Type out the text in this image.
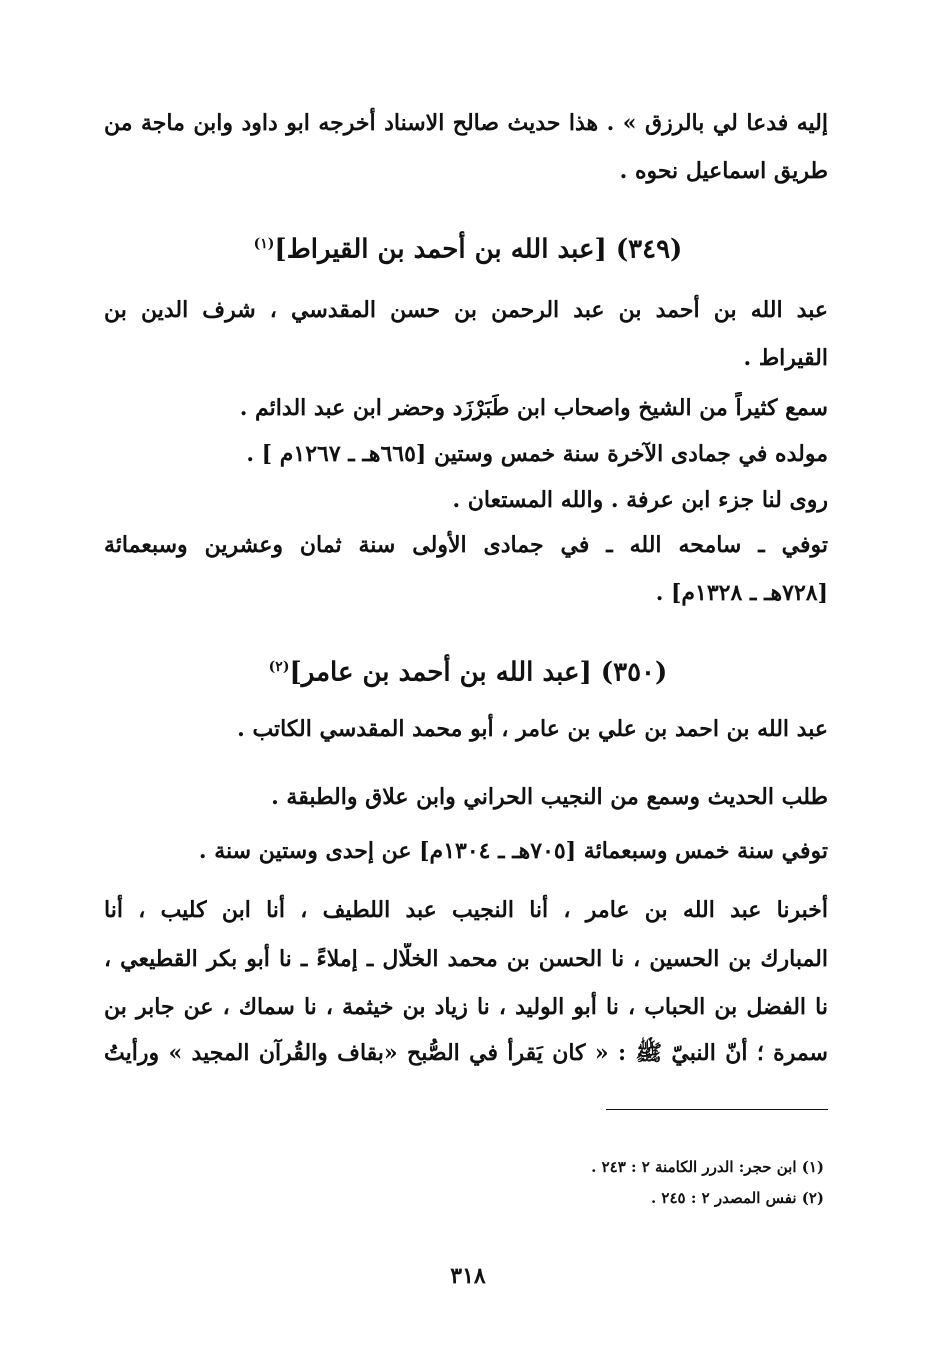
إليه فدعا لي بالرزق » . هذا حديث صالح الاسناد أخرجه ابو داود وابن ماجة من

طريق اسماعيل نحوه .

(٣٤٩) [عبد الله بن أحمد بن القيراط]$^{(١)}$

عبد الله بن أحمد بن عبد الرحمن بن حسن المقدسي ، شرف الدين بن

القيراط .

سمع كثيراً من الشيخ واصحاب ابن طَبَرْزَد وحضر ابن عبد الدائم .

مولده في جمادى الآخرة سنة خمس وستين [٦٦٥هـ ـ ١٢٦٧م ] .

روى لنا جزء ابن عرفة . والله المستعان .

توفي ـ سامحه الله ـ في جمادى الأولى سنة ثمان وعشرين وسبعمائة

[٧٢٨هـ ـ ١٣٢٨م] .

(٣٥٠) [عبد الله بن أحمد بن عامر]$^{(٢)}$

عبد الله بن احمد بن علي بن عامر ، أبو محمد المقدسي الكاتب .

طلب الحديث وسمع من النجيب الحراني وابن علاق والطبقة .

توفي سنة خمس وسبعمائة [٧٠٥هـ ـ ١٣٠٤م] عن إحدى وستين سنة .

أخبرنا عبد الله بن عامر ، أنا النجيب عبد اللطيف ، أنا ابن كليب ، أنا

المبارك بن الحسين ، نا الحسن بن محمد الخلّال ـ إملاءً ـ نا أبو بكر القطيعي ،

نا الفضل بن الحباب ، نا أبو الوليد ، نا زياد بن خيثمة ، نا سماك ، عن جابر بن

سمرة ؛ أنّ النبيّ ﷺ : « كان يَقرأ في الصُّبح «بقاف والقُرآن المجيد » ورأيتُ

(١) ابن حجر: الدرر الكامنة ٢ : ٢٤٣ .

(٢) نفس المصدر ٢ : ٢٤٥ .

٣١٨
